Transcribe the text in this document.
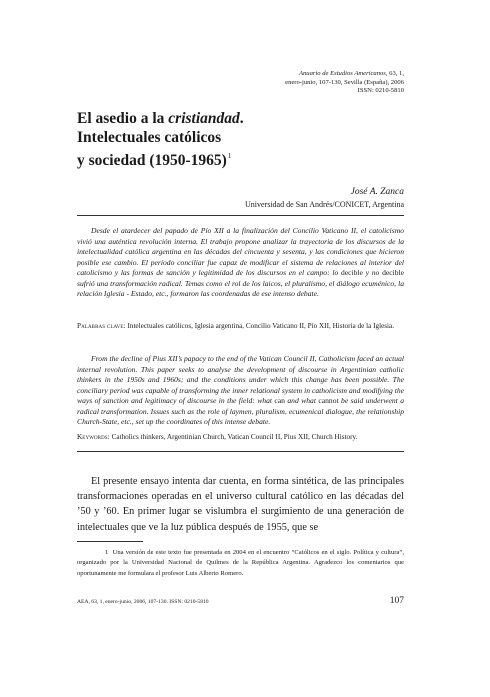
Anuario de Estudios Americanos, 63, 1,
enero-junio, 107-130, Sevilla (España), 2006
ISSN: 0210-5810
El asedio a la cristiandad.
Intelectuales católicos
y sociedad (1950-1965)$^1$
José A. Zanca
Universidad de San Andrés/CONICET, Argentina

Desde el atardecer del papado de Pío XII a la finalización del Concilio Vaticano II, el catolicismo vivió una auténtica revolución interna. El trabajo propone analizar la trayectoria de los discursos de la intelectualidad católica argentina en las décadas del cincuenta y sesenta, y las condiciones que hicieron posible ese cambio. El período conciliar fue capaz de modificar el sistema de relaciones al interior del catolicismo y las formas de sanción y legitimidad de los discursos en el campo: lo decible y no decible sufrió una transformación radical. Temas como el rol de los laicos, el pluralismo, el diálogo ecuménico, la relación Iglesia - Estado, etc., formaron las coordenadas de ese intenso debate.

Palabras clave: Intelectuales católicos, Iglesia argentina, Concilio Vaticano II, Pío XII, Historia de la Iglesia.

From the decline of Pius XII’s papacy to the end of the Vatican Council II, Catholicism faced an actual internal revolution. This paper seeks to analyse the development of discourse in Argentinian catholic thinkers in the 1950s and 1960s; and the conditions under which this change has been possible. The conciliary period was capable of transforming the inner relational system in catholicism and modifying the ways of sanction and legitimacy of discourse in the field: what can and what cannot be said underwent a radical transformation. Issues such as the role of laymen, pluralism, ecumenical dialogue, the relationship Church-State, etc., set up the coordinates of this intense debate.

Keywords: Catholics thinkers, Argentinian Church, Vatican Council II, Pius XII, Church History.

El presente ensayo intenta dar cuenta, en forma sintética, de las principales transformaciones operadas en el universo cultural católico en las décadas del ’50 y ’60. En primer lugar se vislumbra el surgimiento de una generación de intelectuales que ve la luz pública después de 1955, que se

1 Una versión de este texto fue presentada en 2004 en el encuentro “Católicos en el siglo. Política y cultura”, organizado por la Universidad Nacional de Quilmes de la República Argentina. Agradezco los comentarios que oportunamente me formulara el profesor Luis Alberto Romero.

AEA, 63, 1, enero-junio, 2006, 107-130. ISSN: 0210-5810	107
